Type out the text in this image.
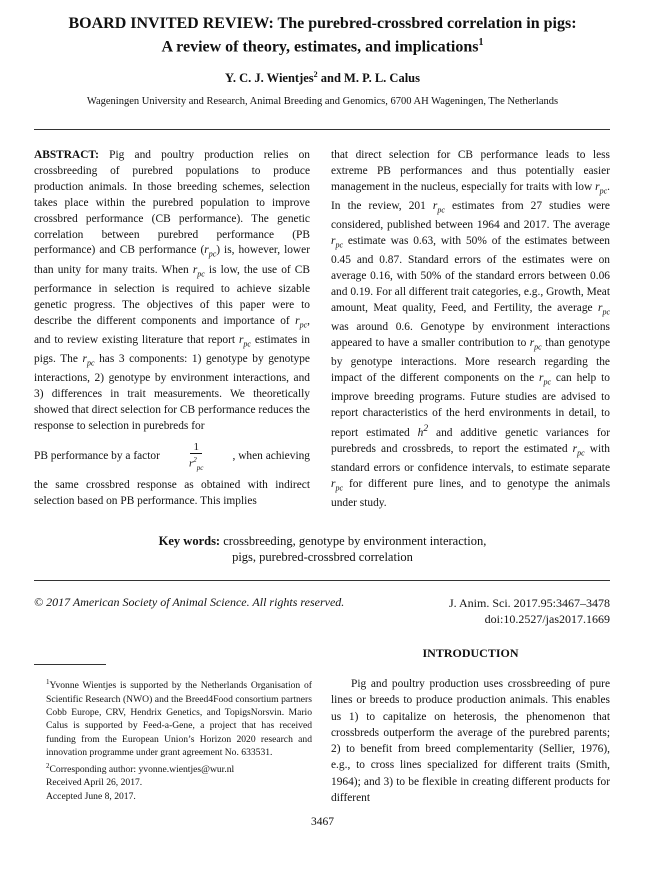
BOARD INVITED REVIEW: The purebred-crossbred correlation in pigs:
A review of theory, estimates, and implications$^1$
Y. C. J. Wientjes$^2$ and M. P. L. Calus
Wageningen University and Research, Animal Breeding and Genomics, 6700 AH Wageningen, The Netherlands
ABSTRACT: Pig and poultry production relies on crossbreeding of purebred populations to produce production animals. In those breeding schemes, selection takes place within the purebred population to improve crossbred performance (CB performance). The genetic correlation between purebred performance (PB performance) and CB performance $(r_{pc})$ is, however, lower than unity for many traits. When $r_{pc}$ is low, the use of CB performance in selection is required to achieve sizable genetic progress. The objectives of this paper were to describe the different components and importance of $r_{pc}$, and to review existing literature that report $r_{pc}$ estimates in pigs. The $r_{pc}$ has 3 components: 1) genotype by genotype interactions, 2) genotype by environment interactions, and 3) differences in trait measurements. We theoretically showed that direct selection for CB performance reduces the response to selection in purebreds for
PB performance by a factor	$\frac{1}{r^2_{pc}}$	, when achieving
the same crossbred response as obtained with indirect selection based on PB performance. This implies
that direct selection for CB performance leads to less extreme PB performances and thus potentially easier management in the nucleus, especially for traits with low $r_{pc}$. In the review, 201 $r_{pc}$ estimates from 27 studies were considered, published between 1964 and 2017. The average $r_{pc}$ estimate was 0.63, with 50% of the estimates between 0.45 and 0.87. Standard errors of the estimates were on average 0.16, with 50% of the standard errors between 0.06 and 0.19. For all different trait categories, e.g., Growth, Meat amount, Meat quality, Feed, and Fertility, the average $r_{pc}$ was around 0.6. Genotype by environment interactions appeared to have a smaller contribution to $r_{pc}$ than genotype by genotype interactions. More research regarding the impact of the different components on the $r_{pc}$ can help to improve breeding programs. Future studies are advised to report characteristics of the herd environments in detail, to report estimated $h^2$ and additive genetic variances for purebreds and crossbreds, to report the estimated $r_{pc}$ with standard errors or confidence intervals, to estimate separate $r_{pc}$ for different pure lines, and to genotype the animals under study.
Key words: crossbreeding, genotype by environment interaction,
pigs, purebred-crossbred correlation
© 2017 American Society of Animal Science. All rights reserved.	J. Anim. Sci. 2017.95:3467–3478
doi:10.2527/jas2017.1669
$^1$Yvonne Wientjes is supported by the Netherlands Organisation of Scientific Research (NWO) and the Breed4Food consortium partners Cobb Europe, CRV, Hendrix Genetics, and TopigsNorsvin. Mario Calus is supported by Feed-a-Gene, a project that has received funding from the European Union’s Horizon 2020 research and innovation programme under grant agreement No. 633531.
$^2$Corresponding author: yvonne.wientjes@wur.nl
Received April 26, 2017.
Accepted June 8, 2017.
INTRODUCTION
Pig and poultry production uses crossbreeding of pure lines or breeds to produce production animals. This enables us 1) to capitalize on heterosis, the phenomenon that crossbreds outperform the average of the purebred parents; 2) to benefit from breed complementarity (Sellier, 1976), e.g., to cross lines specialized for different traits (Smith, 1964); and 3) to be flexible in creating different products for different
3467
